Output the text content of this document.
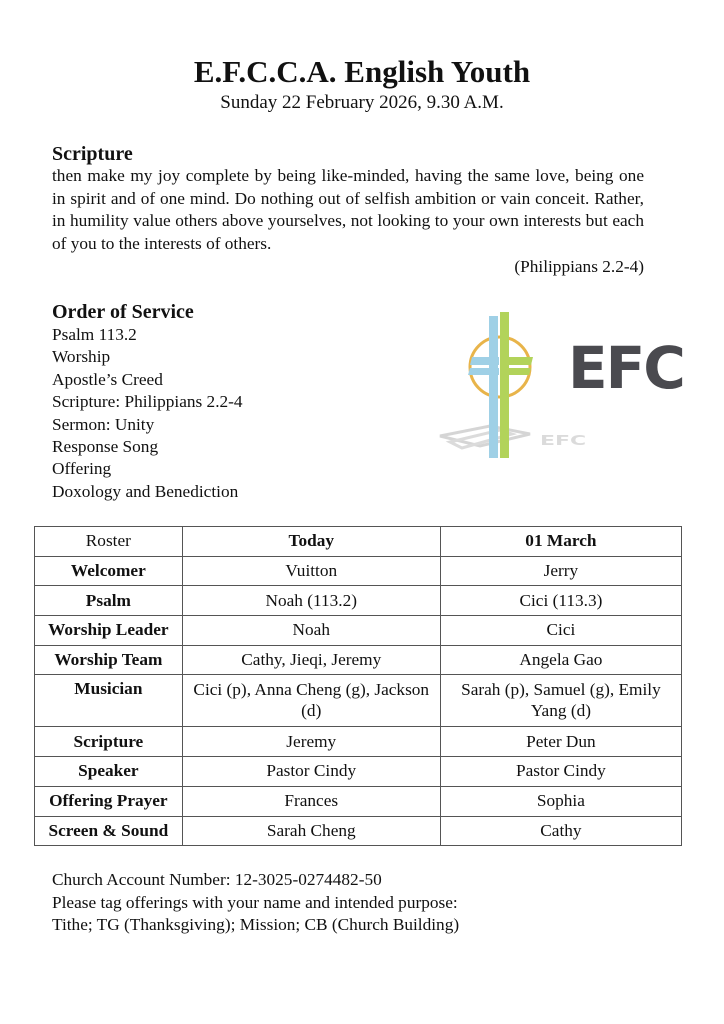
E.F.C.C.A. English Youth
Sunday 22 February 2026, 9.30 A.M.
Scripture
then make my joy complete by being like-minded, having the same love, being one in spirit and of one mind. Do nothing out of selfish ambition or vain conceit. Rather, in humility value others above yourselves, not looking to your own interests but each of you to the interests of others.
(Philippians 2.2-4)
Order of Service
Psalm 113.2
Worship
Apostle’s Creed
Scripture: Philippians 2.2-4
Sermon: Unity
Response Song
Offering
Doxology and Benediction
EFC
EFC
Roster	Today	01 March
Welcomer	Vuitton	Jerry
Psalm	Noah (113.2)	Cici (113.3)
Worship Leader	Noah	Cici
Worship Team	Cathy, Jieqi, Jeremy	Angela Gao
Musician	Cici (p), Anna Cheng (g), Jackson (d)	Sarah (p), Samuel (g), Emily Yang (d)
Scripture	Jeremy	Peter Dun
Speaker	Pastor Cindy	Pastor Cindy
Offering Prayer	Frances	Sophia
Screen & Sound	Sarah Cheng	Cathy
Church Account Number: 12-3025-0274482-50
Please tag offerings with your name and intended purpose:
Tithe; TG (Thanksgiving); Mission; CB (Church Building)
